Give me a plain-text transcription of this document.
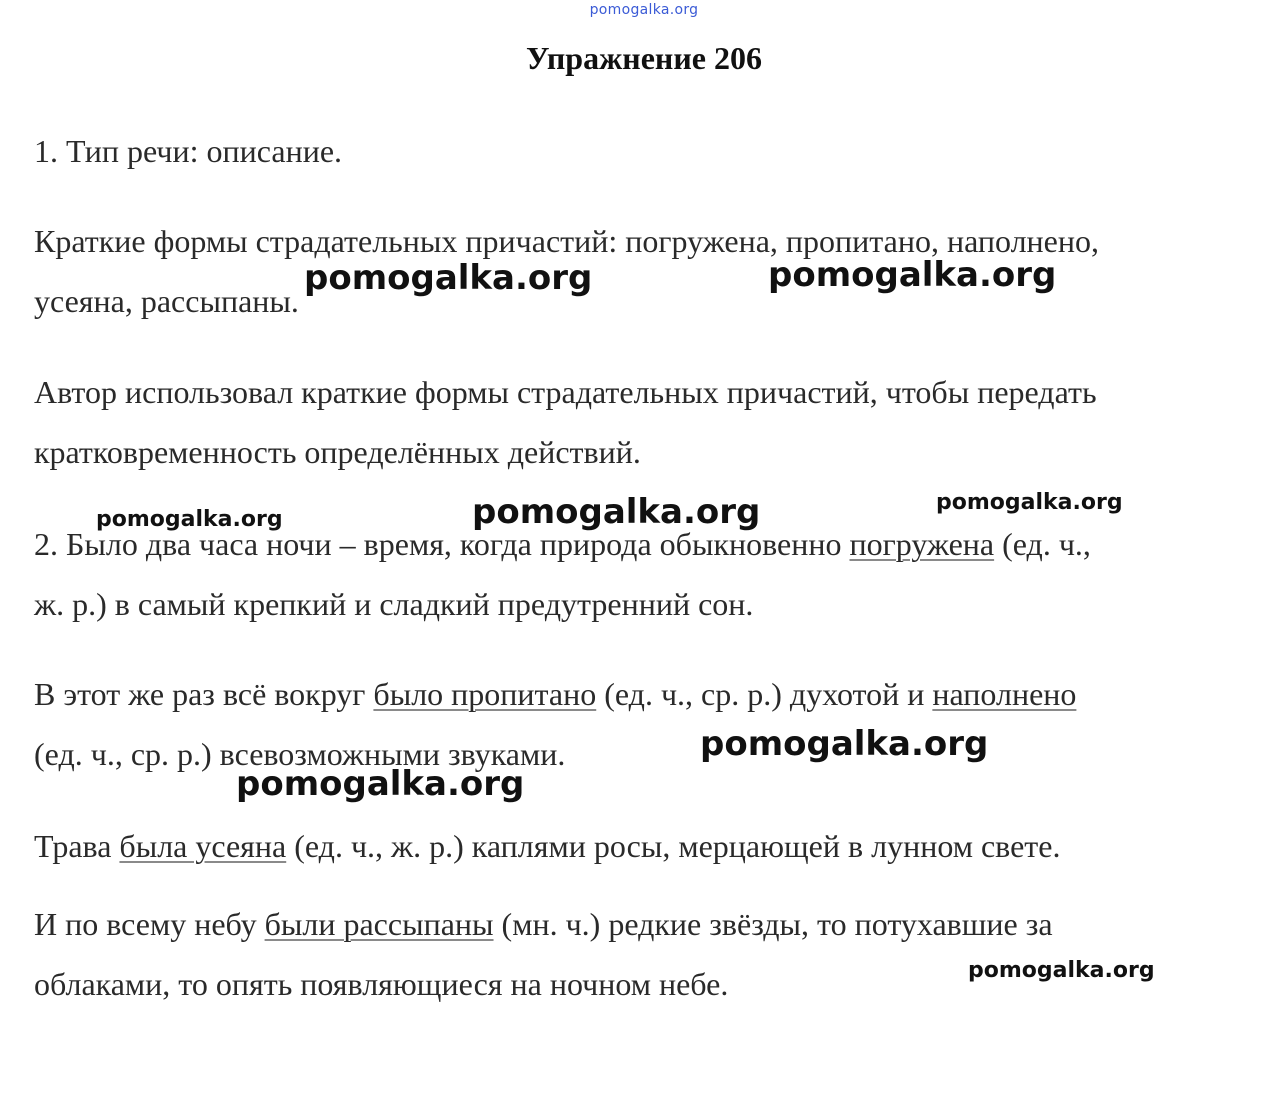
pomogalka.org
Упражнение 206

1. Тип речи: описание.

Краткие формы страдательных причастий: погружена, пропитано, наполнено,
усеяна, рассыпаны.

Автор использовал краткие формы страдательных причастий, чтобы передать
кратковременность определённых действий.

2. Было два часа ночи – время, когда природа обыкновенно погружена (ед. ч.,
ж. р.) в самый крепкий и сладкий предутренний сон.

В этот же раз всё вокруг было пропитано (ед. ч., ср. р.) духотой и наполнено
(ед. ч., ср. р.) всевозможными звуками.

Трава была усеяна (ед. ч., ж. р.) каплями росы, мерцающей в лунном свете.

И по всему небу были рассыпаны (мн. ч.) редкие звёзды, то потухавшие за
облаками, то опять появляющиеся на ночном небе.

pomogalka.org	pomogalka.org
pomogalka.org	pomogalka.org	pomogalka.org
pomogalka.org
pomogalka.org
pomogalka.org
